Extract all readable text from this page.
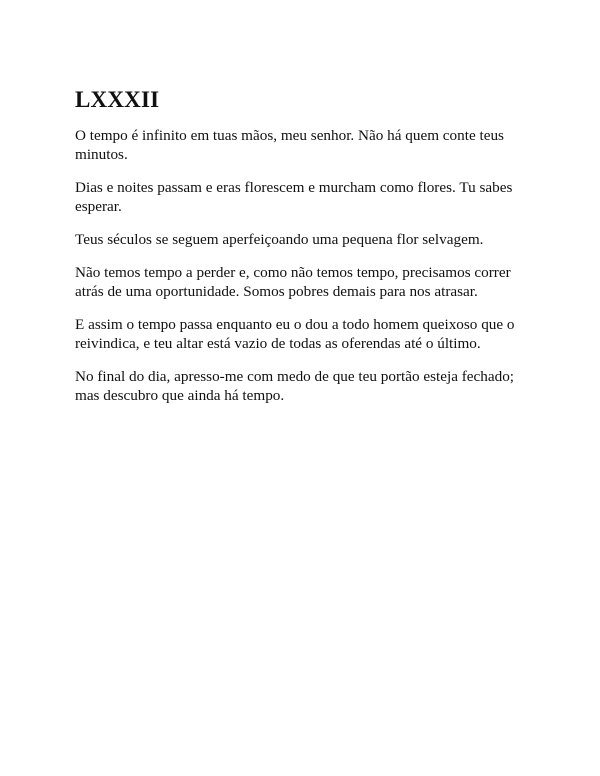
LXXXII

O tempo é infinito em tuas mãos, meu senhor. Não há quem conte teus minutos.

Dias e noites passam e eras florescem e murcham como flores. Tu sabes esperar.

Teus séculos se seguem aperfeiçoando uma pequena flor selvagem.

Não temos tempo a perder e, como não temos tempo, precisamos correr atrás de uma oportunidade. Somos pobres demais para nos atrasar.

E assim o tempo passa enquanto eu o dou a todo homem queixoso que o reivindica, e teu altar está vazio de todas as oferendas até o último.

No final do dia, apresso-me com medo de que teu portão esteja fechado; mas descubro que ainda há tempo.
